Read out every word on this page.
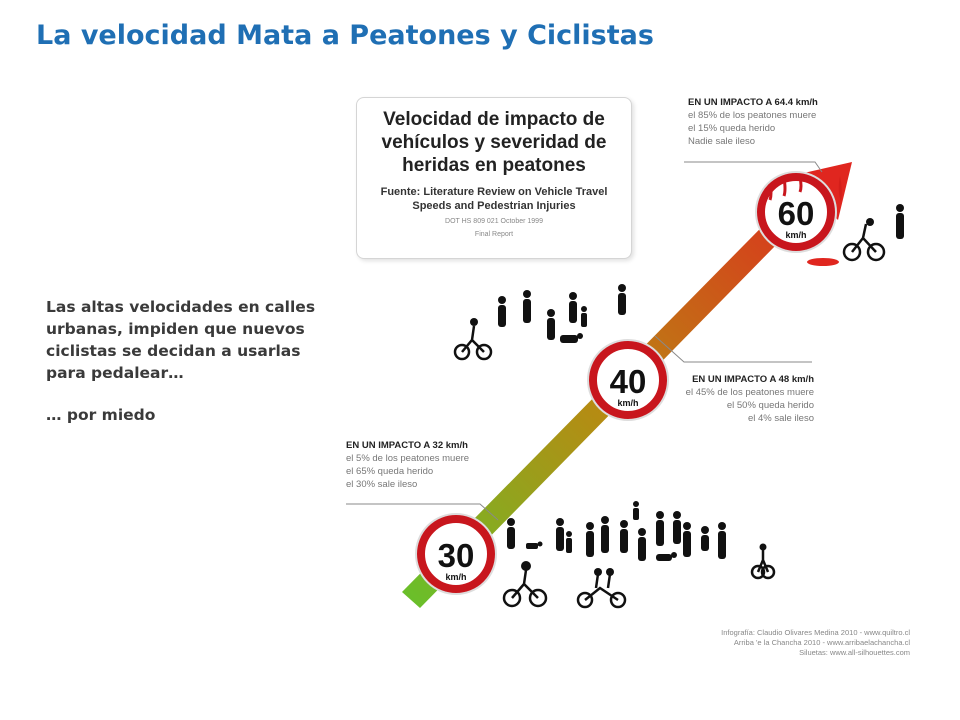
La velocidad Mata a Peatones y Ciclistas

Las altas velocidades en calles urbanas, impiden que nuevos ciclistas se decidan a usarlas para pedalear…

… por miedo

30
km/h
40
km/h
60
km/h
Velocidad de impacto de vehículos y severidad de heridas en peatones
Fuente: Literature Review on Vehicle Travel Speeds and Pedestrian Injuries
DOT HS 809 021 October 1999
Final Report
EN UN IMPACTO A 64.4 km/h
el 85% de los peatones muere
el 15% queda herido
Nadie sale ileso
EN UN IMPACTO A 48 km/h
el 45% de los peatones muere
el 50% queda herido
el 4% sale ileso
EN UN IMPACTO A 32 km/h
el 5% de los peatones muere
el 65% queda herido
el 30% sale ileso
Infografía: Claudio Olivares Medina 2010 - www.quiltro.cl
Arriba 'e la Chancha 2010 - www.arribaelachancha.cl
Siluetas: www.all-silhouettes.com
